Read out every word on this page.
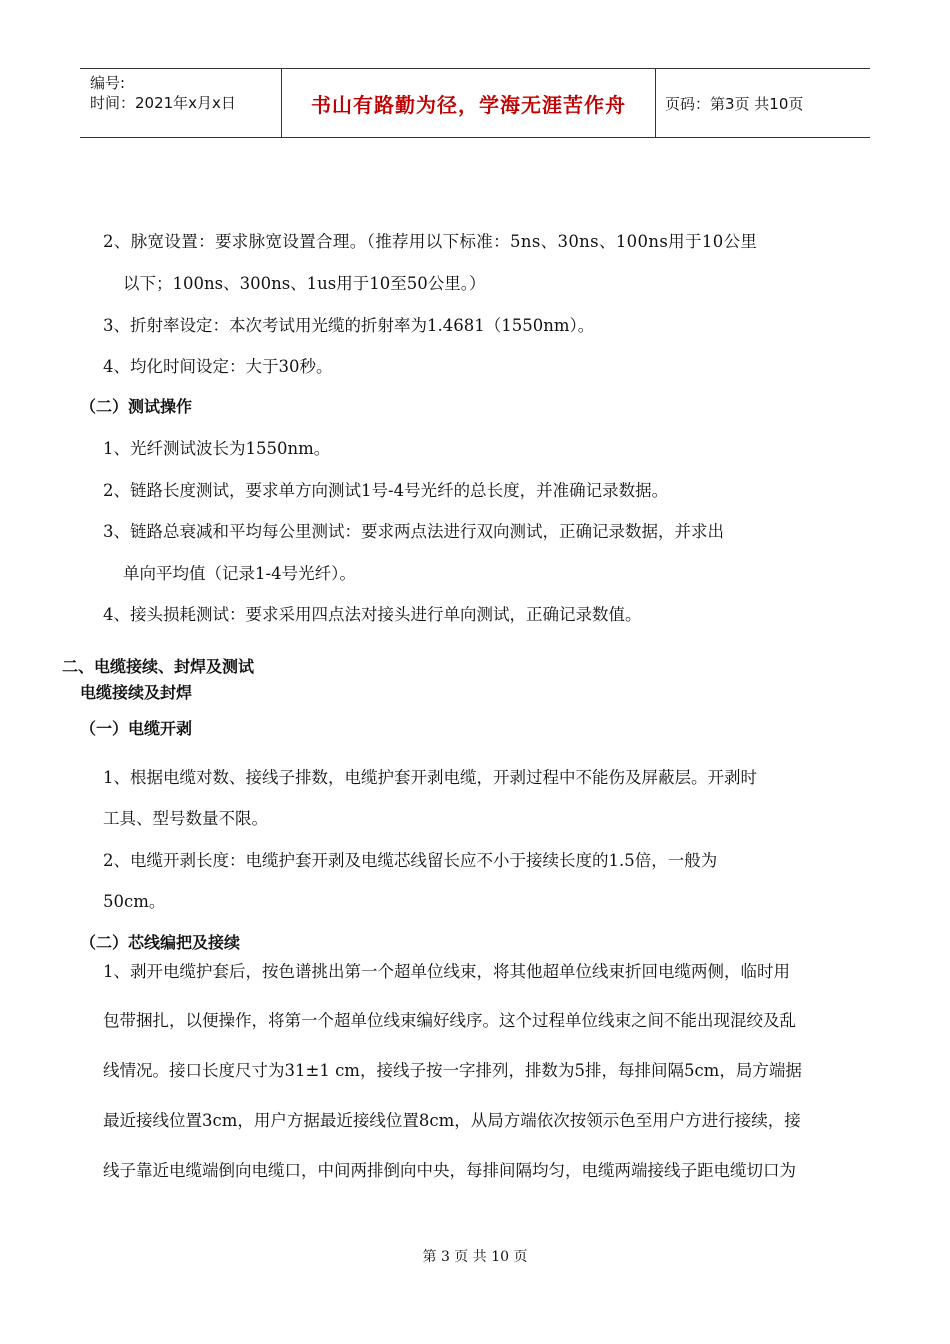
编号:
时间：2021年x月x日	书山有路勤为径，学海无涯苦作舟	页码：第3页 共10页
2、脉宽设置：要求脉宽设置合理。（推荐用以下标准：5ns、30ns、100ns用于10公里
以下；100ns、300ns、1us用于10至50公里。）
3、折射率设定：本次考试用光缆的折射率为1.4681（1550nm）。
4、均化时间设定：大于30秒。
（二）测试操作
1、光纤测试波长为1550nm。
2、链路长度测试，要求单方向测试1号-4号光纤的总长度，并准确记录数据。
3、链路总衰减和平均每公里测试：要求两点法进行双向测试，正确记录数据，并求出
单向平均值（记录1-4号光纤）。
4、接头损耗测试：要求采用四点法对接头进行单向测试，正确记录数值。
二、电缆接续、封焊及测试
电缆接续及封焊
（一）电缆开剥
1、根据电缆对数、接线子排数，电缆护套开剥电缆，开剥过程中不能伤及屏蔽层。开剥时
工具、型号数量不限。
2、电缆开剥长度：电缆护套开剥及电缆芯线留长应不小于接续长度的1.5倍，一般为
50cm。
（二）芯线编把及接续
1、剥开电缆护套后，按色谱挑出第一个超单位线束，将其他超单位线束折回电缆两侧，临时用
包带捆扎，以便操作，将第一个超单位线束编好线序。这个过程单位线束之间不能出现混绞及乱
线情况。接口长度尺寸为31±1 cm，接线子按一字排列，排数为5排，每排间隔5cm，局方端据
最近接线位置3cm，用户方据最近接线位置8cm，从局方端依次按领示色至用户方进行接续，接
线子靠近电缆端倒向电缆口，中间两排倒向中央，每排间隔均匀，电缆两端接线子距电缆切口为
第 3 页 共 10 页
